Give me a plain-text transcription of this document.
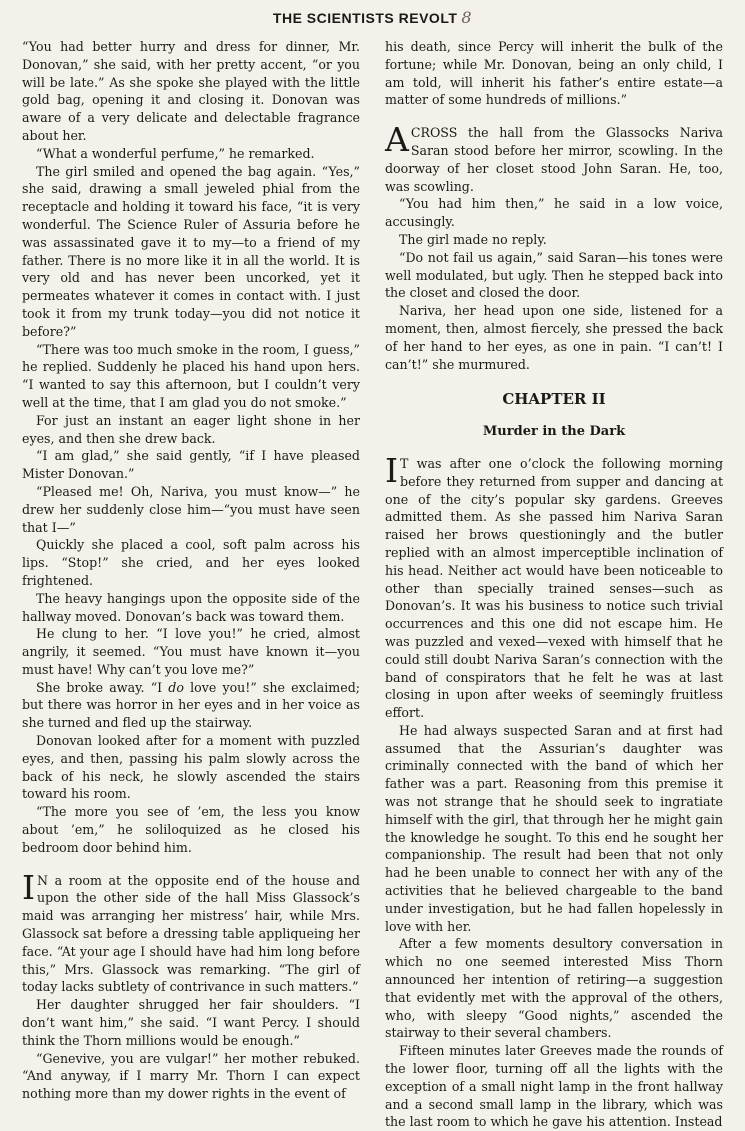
THE SCIENTISTS REVOLT 8

“You had better hurry and dress for dinner, Mr. Donovan,” she said, with her pretty accent, “or you will be late.” As she spoke she played with the little gold bag, opening it and closing it. Donovan was aware of a very delicate and delectable fragrance about her.

“What a wonderful perfume,” he remarked.

The girl smiled and opened the bag again. “Yes,” she said, drawing a small jeweled phial from the receptacle and holding it toward his face, “it is very wonderful. The Science Ruler of Assuria before he was assassinated gave it to my—to a friend of my father. There is no more like it in all the world. It is very old and has never been uncorked, yet it permeates whatever it comes in contact with. I just took it from my trunk today—you did not notice it before?”

“There was too much smoke in the room, I guess,” he replied. Suddenly he placed his hand upon hers. “I wanted to say this afternoon, but I couldn’t very well at the time, that I am glad you do not smoke.”

For just an instant an eager light shone in her eyes, and then she drew back.

“I am glad,” she said gently, “if I have pleased Mister Donovan.”

“Pleased me! Oh, Nariva, you must know—” he drew her suddenly close him—“you must have seen that I—”

Quickly she placed a cool, soft palm across his lips. “Stop!” she cried, and her eyes looked frightened.

The heavy hangings upon the opposite side of the hallway moved. Donovan’s back was toward them.

He clung to her. “I love you!” he cried, almost angrily, it seemed. “You must have known it—you must have! Why can’t you love me?”

She broke away. “I do love you!” she exclaimed; but there was horror in her eyes and in her voice as she turned and fled up the stairway.

Donovan looked after for a moment with puzzled eyes, and then, passing his palm slowly across the back of his neck, he slowly ascended the stairs toward his room.

“The more you see of ’em, the less you know about ’em,” he soliloquized as he closed his bedroom door behind him.

I N a room at the opposite end of the house and upon the other side of the hall Miss Glassock’s maid was arranging her mistress’ hair, while Mrs. Glassock sat before a dressing table appliqueing her face. “At your age I should have had him long before this,” Mrs. Glassock was remarking. “The girl of today lacks subtlety of contrivance in such matters.”

Her daughter shrugged her fair shoulders. “I don’t want him,” she said. “I want Percy. I should think the Thorn millions would be enough.”

“Genevive, you are vulgar!” her mother rebuked. “And anyway, if I marry Mr. Thorn I can expect nothing more than my dower rights in the event of

his death, since Percy will inherit the bulk of the fortune; while Mr. Donovan, being an only child, I am told, will inherit his father’s entire estate—a matter of some hundreds of millions.”

ACROSS the hall from the Glassocks Nariva Saran stood before her mirror, scowling. In the doorway of her closet stood John Saran. He, too, was scowling.

“You had him then,” he said in a low voice, accusingly.

The girl made no reply.

“Do not fail us again,” said Saran—his tones were well modulated, but ugly. Then he stepped back into the closet and closed the door.

Nariva, her head upon one side, listened for a moment, then, almost fiercely, she pressed the back of her hand to her eyes, as one in pain. “I can’t! I can’t!” she murmured.

CHAPTER II
Murder in the Dark

I T was after one o’clock the following morning before they returned from supper and dancing at one of the city’s popular sky gardens. Greeves admitted them. As she passed him Nariva Saran raised her brows questioningly and the butler replied with an almost imperceptible inclination of his head. Neither act would have been noticeable to other than specially trained senses—such as Donovan’s. It was his business to notice such trivial occurrences and this one did not escape him. He was puzzled and vexed—vexed with himself that he could still doubt Nariva Saran’s connection with the band of conspirators that he felt he was at last closing in upon after weeks of seemingly fruitless effort.

He had always suspected Saran and at first had assumed that the Assurian’s daughter was criminally connected with the band of which her father was a part. Reasoning from this premise it was not strange that he should seek to ingratiate himself with the girl, that through her he might gain the knowledge he sought. To this end he sought her companionship. The result had been that not only had he been unable to connect her with any of the activities that he believed chargeable to the band under investigation, but he had fallen hopelessly in love with her.

After a few moments desultory conversation in which no one seemed interested Miss Thorn announced her intention of retiring—a suggestion that evidently met with the approval of the others, who, with sleepy “Good nights,” ascended the stairway to their several chambers.

Fifteen minutes later Greeves made the rounds of the lower floor, turning off all the lights with the exception of a small night lamp in the front hallway and a second small lamp in the library, which was the last room to which he gave his attention. Instead
